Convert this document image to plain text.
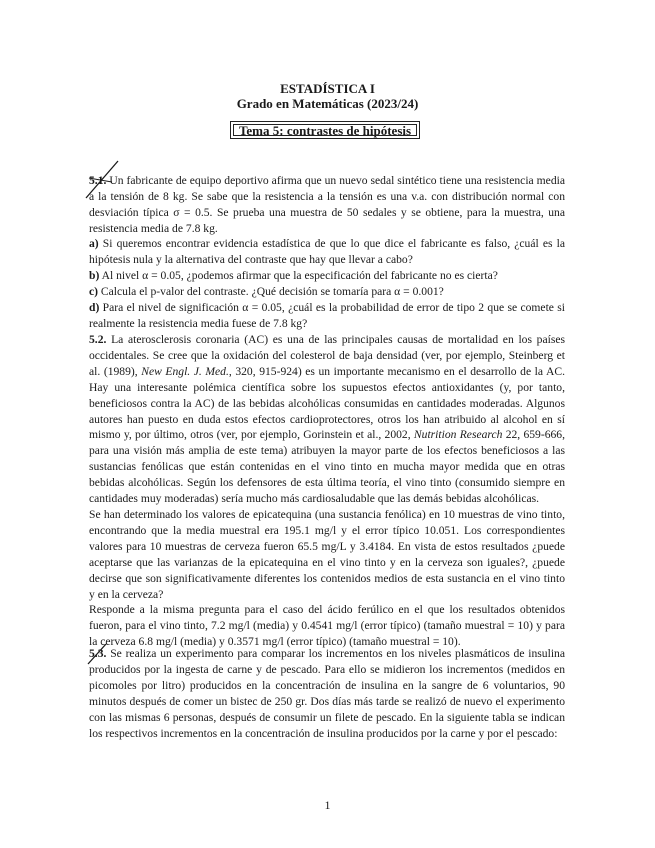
ESTADÍSTICA I
Grado en Matemáticas (2023/24)
Tema 5: contrastes de hipótesis

5.1. Un fabricante de equipo deportivo afirma que un nuevo sedal sintético tiene una resistencia media a la tensión de 8 kg. Se sabe que la resistencia a la tensión es una v.a. con distribución normal con desviación típica σ = 0.5. Se prueba una muestra de 50 sedales y se obtiene, para la muestra, una resistencia media de 7.8 kg.

a) Si queremos encontrar evidencia estadística de que lo que dice el fabricante es falso, ¿cuál es la hipótesis nula y la alternativa del contraste que hay que llevar a cabo?

b) Al nivel α = 0.05, ¿podemos afirmar que la especificación del fabricante no es cierta?

c) Calcula el p-valor del contraste. ¿Qué decisión se tomaría para α = 0.001?

d) Para el nivel de significación α = 0.05, ¿cuál es la probabilidad de error de tipo 2 que se comete si realmente la resistencia media fuese de 7.8 kg?

5.2. La aterosclerosis coronaria (AC) es una de las principales causas de mortalidad en los países occidentales. Se cree que la oxidación del colesterol de baja densidad (ver, por ejemplo, Steinberg et al. (1989), New Engl. J. Med., 320, 915-924) es un importante mecanismo en el desarrollo de la AC. Hay una interesante polémica científica sobre los supuestos efectos antioxidantes (y, por tanto, beneficiosos contra la AC) de las bebidas alcohólicas consumidas en cantidades moderadas. Algunos autores han puesto en duda estos efectos cardioprotectores, otros los han atribuido al alcohol en sí mismo y, por último, otros (ver, por ejemplo, Gorinstein et al., 2002, Nutrition Research 22, 659-666, para una visión más amplia de este tema) atribuyen la mayor parte de los efectos beneficiosos a las sustancias fenólicas que están contenidas en el vino tinto en mucha mayor medida que en otras bebidas alcohólicas. Según los defensores de esta última teoría, el vino tinto (consumido siempre en cantidades muy moderadas) sería mucho más cardiosaludable que las demás bebidas alcohólicas.

Se han determinado los valores de epicatequina (una sustancia fenólica) en 10 muestras de vino tinto, encontrando que la media muestral era 195.1 mg/l y el error típico 10.051. Los correspondientes valores para 10 muestras de cerveza fueron 65.5 mg/L y 3.4184. En vista de estos resultados ¿puede aceptarse que las varianzas de la epicatequina en el vino tinto y en la cerveza son iguales?, ¿puede decirse que son significativamente diferentes los contenidos medios de esta sustancia en el vino tinto y en la cerveza?

Responde a la misma pregunta para el caso del ácido ferúlico en el que los resultados obtenidos fueron, para el vino tinto, 7.2 mg/l (media) y 0.4541 mg/l (error típico) (tamaño muestral = 10) y para la cerveza 6.8 mg/l (media) y 0.3571 mg/l (error típico) (tamaño muestral = 10).

5.3. Se realiza un experimento para comparar los incrementos en los niveles plasmáticos de insulina producidos por la ingesta de carne y de pescado. Para ello se midieron los incrementos (medidos en picomoles por litro) producidos en la concentración de insulina en la sangre de 6 voluntarios, 90 minutos después de comer un bistec de 250 gr. Dos días más tarde se realizó de nuevo el experimento con las mismas 6 personas, después de consumir un filete de pescado. En la siguiente tabla se indican los respectivos incrementos en la concentración de insulina producidos por la carne y por el pescado:

1
